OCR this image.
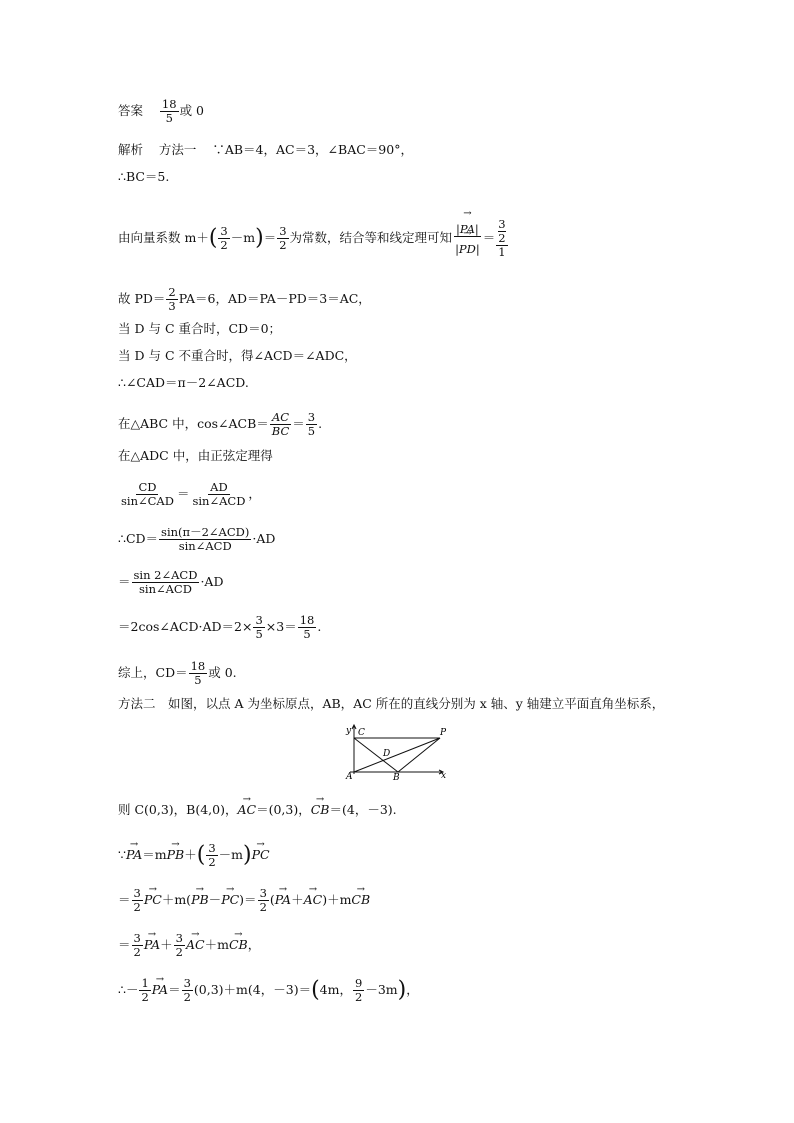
答案 $\frac{18}{5}$ 或 0
解析 方法一 ∵AB＝4，AC＝3，∠BAC＝90°，
∴BC＝5.
由向量系数 $m+( \frac{3}{2} -m)= \frac{3}{2}$ 为常数，结合等和线定理可知
→ |PA|
→ |PD| ＝ 3
2
1
故 $PD= \frac{2}{3} PA=6$，AD＝PA－PD＝3＝AC，
当 D 与 C 重合时，CD＝0；
当 D 与 C 不重合时，得∠ACD＝∠ADC，
∴∠CAD＝π－2∠ACD.
在△ABC 中，cos∠ACB＝ $\frac{AC}{BC} = \frac{3}{5}$ .
在△ADC 中，由正弦定理得
$\frac{CD}{\text{sin∠CAD}} = \frac{AD}{\text{sin∠ACD}}$ ，
∴CD＝ $\frac{\text{sin(π－2∠ACD)}}{\text{sin∠ACD}} \cdot AD$
＝ $\frac{\text{sin 2∠ACD}}{\text{sin∠ACD}} \cdot AD$
＝2cos∠ACD·AD＝2× $\frac{3}{5} \times 3= \frac{18}{5}$ .
综上，$CD= \frac{18}{5}$ 或 0.
方法二　如图，以点 A 为坐标原点，AB，AC 所在的直线分别为 x 轴、y 轴建立平面直角坐标系，
y
x
C
A	B
D
P
则 C(0,3)，B(4,0)，→ AC＝(0,3)，→ CB＝(4，－3).
∵→ $PA=m\to PB+( \frac{3}{2} -m)\to$ PC
＝ $\frac{3}{2}$
→ $PC+m(\to PB-\to PC)= \frac{3}{2}$ (→ PA＋→ AC)＋m→ CB
＝ $\frac{3}{2}$
→ $PA+ \frac{3}{2}$
→ AC＋m→ CB，
∴－ $\frac{1}{2}$
→ $PA= \frac{3}{2} (0,3)+m(4$，－3)＝(4m， $\frac{9}{2} -3m$)，
